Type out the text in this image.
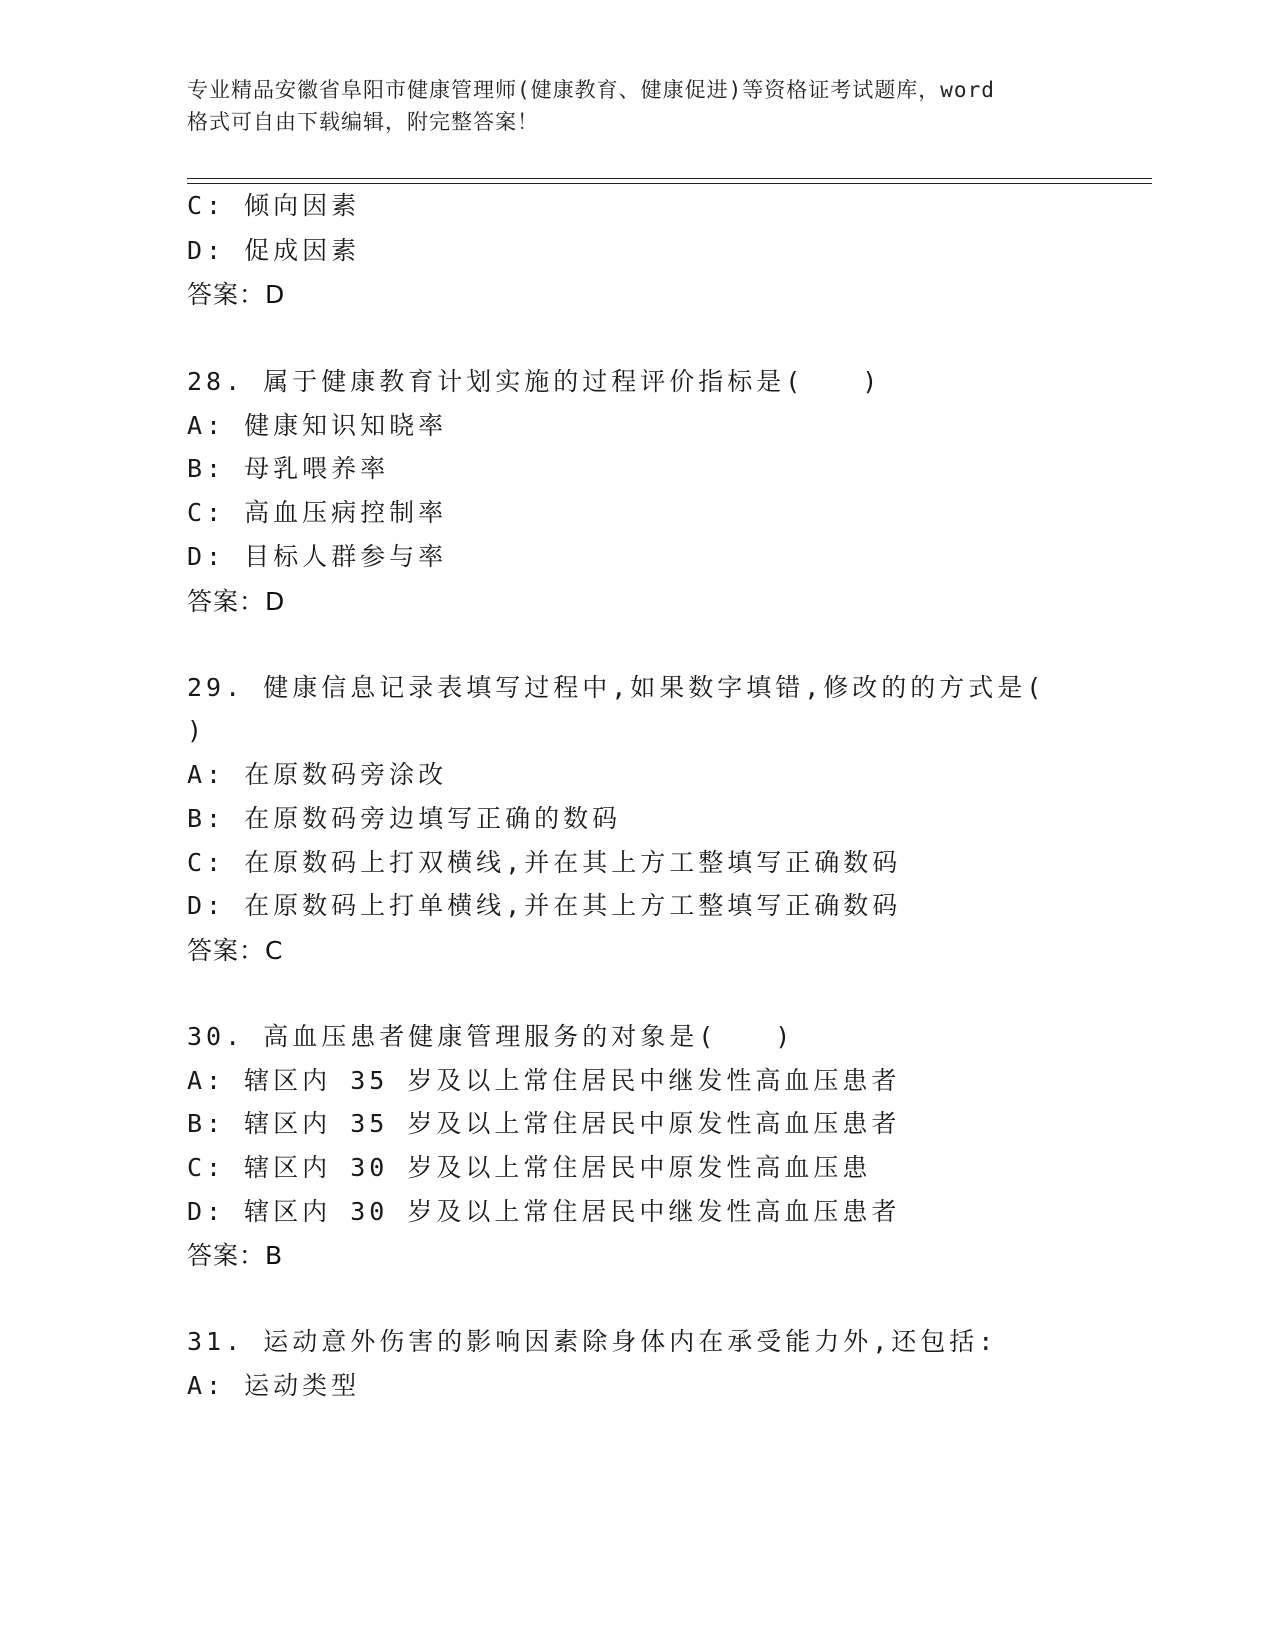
专业精品安徽省阜阳市健康管理师(健康教育、健康促进)等资格证考试题库，word
格式可自由下载编辑，附完整答案！
C: 倾向因素
D: 促成因素
答案：D
28. 属于健康教育计划实施的过程评价指标是(　　)
A: 健康知识知晓率
B: 母乳喂养率
C: 高血压病控制率
D: 目标人群参与率
答案：D
29. 健康信息记录表填写过程中,如果数字填错,修改的的方式是(
)
A: 在原数码旁涂改
B: 在原数码旁边填写正确的数码
C: 在原数码上打双横线,并在其上方工整填写正确数码
D: 在原数码上打单横线,并在其上方工整填写正确数码
答案：C
30. 高血压患者健康管理服务的对象是(　　)
A: 辖区内 35 岁及以上常住居民中继发性高血压患者
B: 辖区内 35 岁及以上常住居民中原发性高血压患者
C: 辖区内 30 岁及以上常住居民中原发性高血压患
D: 辖区内 30 岁及以上常住居民中继发性高血压患者
答案：B
31. 运动意外伤害的影响因素除身体内在承受能力外,还包括:
A: 运动类型
